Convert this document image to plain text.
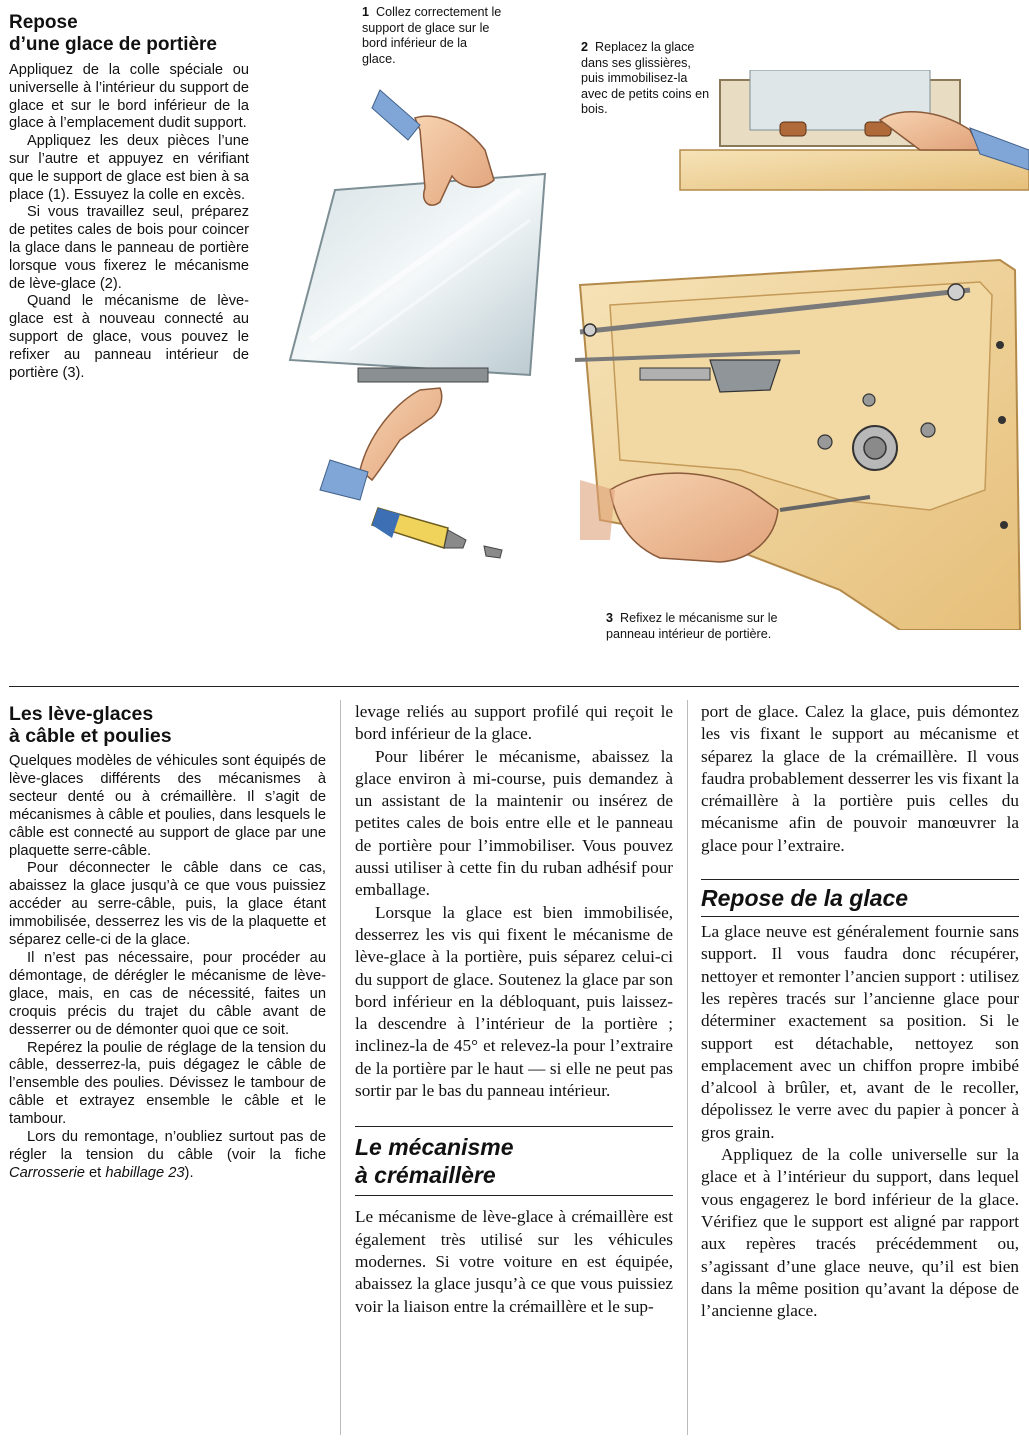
Repose
d’une glace de portière

Appliquez de la colle spéciale ou universelle à l’intérieur du support de glace et sur le bord inférieur de la glace à l’emplacement dudit support.

Appliquez les deux pièces l’une sur l’autre et appuyez en vérifiant que le support de glace est bien à sa place (1). Essuyez la colle en excès.

Si vous travaillez seul, préparez de petites cales de bois pour coincer la glace dans le panneau de portière lorsque vous fixerez le mécanisme de lève-glace (2).

Quand le mécanisme de lève-glace est à nouveau connecté au support de glace, vous pouvez le refixer au panneau intérieur de portière (3).

1 Collez correctement le support de glace sur le bord inférieur de la glace.
2 Replacez la glace dans ses glissières, puis immobilisez-la avec de petits coins en bois.
3 Refixez le mécanisme sur le panneau intérieur de portière.
Les lève-glaces
à câble et poulies

Quelques modèles de véhicules sont équipés de lève-glaces différents des mécanismes à secteur denté ou à crémaillère. Il s’agit de mécanismes à câble et poulies, dans lesquels le câble est connecté au support de glace par une plaquette serre-câble.

Pour déconnecter le câble dans ce cas, abaissez la glace jusqu’à ce que vous puissiez accéder au serre-câble, puis, la glace étant immobilisée, desserrez les vis de la plaquette et séparez celle-ci de la glace.

Il n’est pas nécessaire, pour procéder au démontage, de dérégler le mécanisme de lève-glace, mais, en cas de nécessité, faites un croquis précis du trajet du câble avant de desserrer ou de démonter quoi que ce soit.

Repérez la poulie de réglage de la tension du câble, desserrez-la, puis dégagez le câble de l’ensemble des poulies. Dévissez le tambour de câble et extrayez ensemble le câble et le tambour.

Lors du remontage, n’oubliez surtout pas de régler la tension du câble (voir la fiche Carrosserie et habillage 23).

levage reliés au support profilé qui reçoit le bord inférieur de la glace.

Pour libérer le mécanisme, abaissez la glace environ à mi-course, puis demandez à un assistant de la maintenir ou insérez de petites cales de bois entre elle et le panneau de portière pour l’immobiliser. Vous pouvez aussi utiliser à cette fin du ruban adhésif pour emballage.

Lorsque la glace est bien immobilisée, desserrez les vis qui fixent le mécanisme de lève-glace à la portière, puis séparez celui-ci du support de glace. Soutenez la glace par son bord inférieur en la débloquant, puis laissez-la descendre à l’intérieur de la portière ; inclinez-la de 45° et relevez-la pour l’extraire de la portière par le haut — si elle ne peut pas sortir par le bas du panneau intérieur.

Le mécanisme
à crémaillère

Le mécanisme de lève-glace à crémaillère est également très utilisé sur les véhicules modernes. Si votre voiture en est équipée, abaissez la glace jusqu’à ce que vous puissiez voir la liaison entre la crémaillère et le sup-

port de glace. Calez la glace, puis démontez les vis fixant le support au mécanisme et séparez la glace de la crémaillère. Il vous faudra probablement desserrer les vis fixant la crémaillère à la portière puis celles du mécanisme afin de pouvoir manœuvrer la glace pour l’extraire.

Repose de la glace

La glace neuve est généralement fournie sans support. Il vous faudra donc récupérer, nettoyer et remonter l’ancien support : utilisez les repères tracés sur l’ancienne glace pour déterminer exactement sa position. Si le support est détachable, nettoyez son emplacement avec un chiffon propre imbibé d’alcool à brûler, et, avant de le recoller, dépolissez le verre avec du papier à poncer à gros grain.

Appliquez de la colle universelle sur la glace et à l’intérieur du support, dans lequel vous engagerez le bord inférieur de la glace. Vérifiez que le support est aligné par rapport aux repères tracés précédemment ou, s’agissant d’une glace neuve, qu’il est bien dans la même position qu’avant la dépose de l’ancienne glace.
